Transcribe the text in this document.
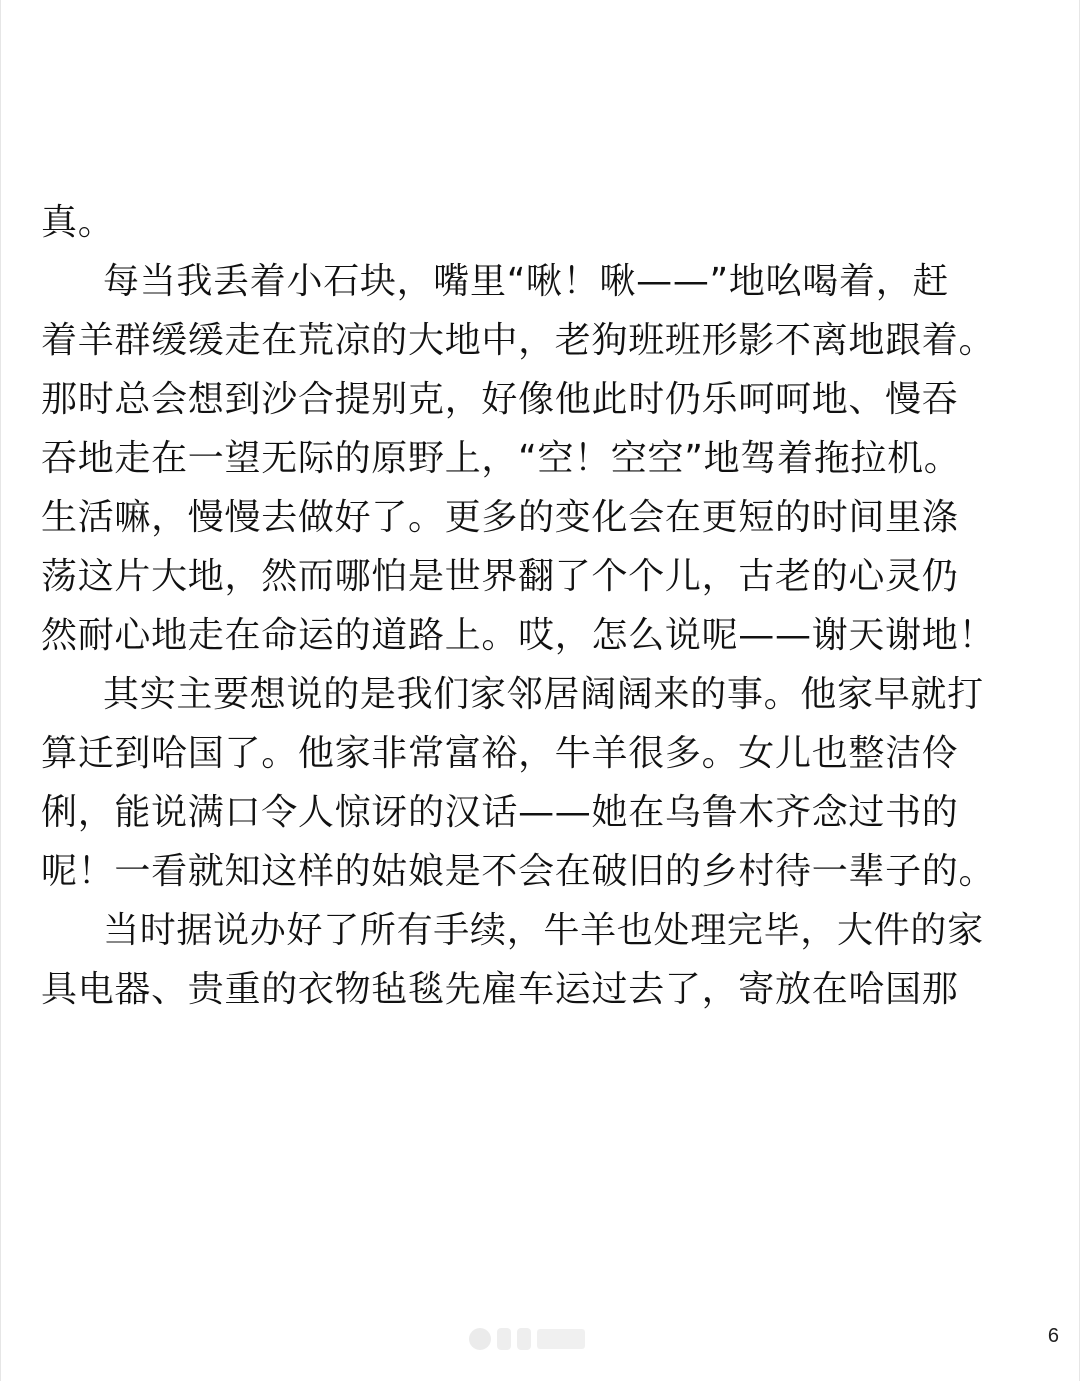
真。
每当我丢着小石块，嘴里“啾！啾——”地吆喝着，赶
着羊群缓缓走在荒凉的大地中，老狗班班形影不离地跟着。
那时总会想到沙合提别克，好像他此时仍乐呵呵地、慢吞
吞地走在一望无际的原野上，“空！空空”地驾着拖拉机。
生活嘛，慢慢去做好了。更多的变化会在更短的时间里涤
荡这片大地，然而哪怕是世界翻了个个儿，古老的心灵仍
然耐心地走在命运的道路上。哎，怎么说呢——谢天谢地！
其实主要想说的是我们家邻居阔阔来的事。他家早就打
算迁到哈国了。他家非常富裕，牛羊很多。女儿也整洁伶
俐，能说满口令人惊讶的汉话——她在乌鲁木齐念过书的
呢！一看就知这样的姑娘是不会在破旧的乡村待一辈子的。
当时据说办好了所有手续，牛羊也处理完毕，大件的家
具电器、贵重的衣物毡毯先雇车运过去了，寄放在哈国那
6
